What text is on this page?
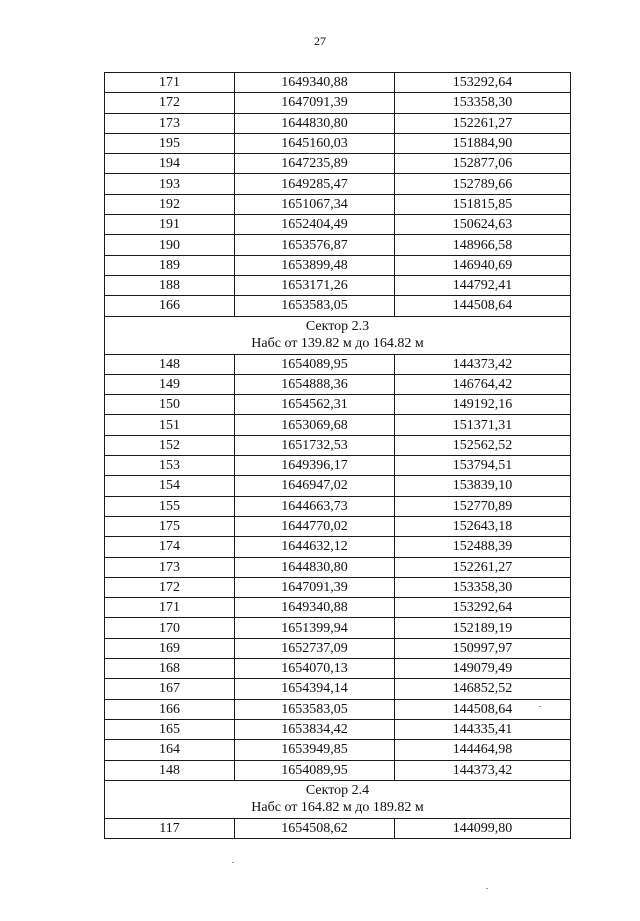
27
171	1649340,88	153292,64
172	1647091,39	153358,30
173	1644830,80	152261,27
195	1645160,03	151884,90
194	1647235,89	152877,06
193	1649285,47	152789,66
192	1651067,34	151815,85
191	1652404,49	150624,63
190	1653576,87	148966,58
189	1653899,48	146940,69
188	1653171,26	144792,41
166	1653583,05	144508,64

Сектор 2.3
Набс от 139.82 м до 164.82 м		

148	1654089,95	144373,42
149	1654888,36	146764,42
150	1654562,31	149192,16
151	1653069,68	151371,31
152	1651732,53	152562,52
153	1649396,17	153794,51
154	1646947,02	153839,10
155	1644663,73	152770,89
175	1644770,02	152643,18
174	1644632,12	152488,39
173	1644830,80	152261,27
172	1647091,39	153358,30
171	1649340,88	153292,64
170	1651399,94	152189,19
169	1652737,09	150997,97
168	1654070,13	149079,49
167	1654394,14	146852,52
166	1653583,05	144508,64
165	1653834,42	144335,41
164	1653949,85	144464,98
148	1654089,95	144373,42

Сектор 2.4
Набс от 164.82 м до 189.82 м		

117	1654508,62	144099,80
